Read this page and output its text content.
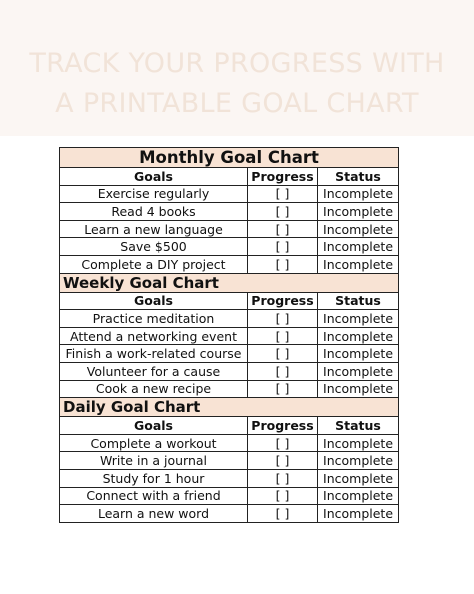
TRACK YOUR PROGRESS WITH
A PRINTABLE GOAL CHART
Monthly Goal Chart		
Goals	Progress	Status
Exercise regularly	[ ]	Incomplete
Read 4 books	[ ]	Incomplete
Learn a new language	[ ]	Incomplete
Save $500	[ ]	Incomplete
Complete a DIY project	[ ]	Incomplete
Weekly Goal Chart		
Goals	Progress	Status
Practice meditation	[ ]	Incomplete
Attend a networking event	[ ]	Incomplete
Finish a work-related course	[ ]	Incomplete
Volunteer for a cause	[ ]	Incomplete
Cook a new recipe	[ ]	Incomplete
Daily Goal Chart		
Goals	Progress	Status
Complete a workout	[ ]	Incomplete
Write in a journal	[ ]	Incomplete
Study for 1 hour	[ ]	Incomplete
Connect with a friend	[ ]	Incomplete
Learn a new word	[ ]	Incomplete
